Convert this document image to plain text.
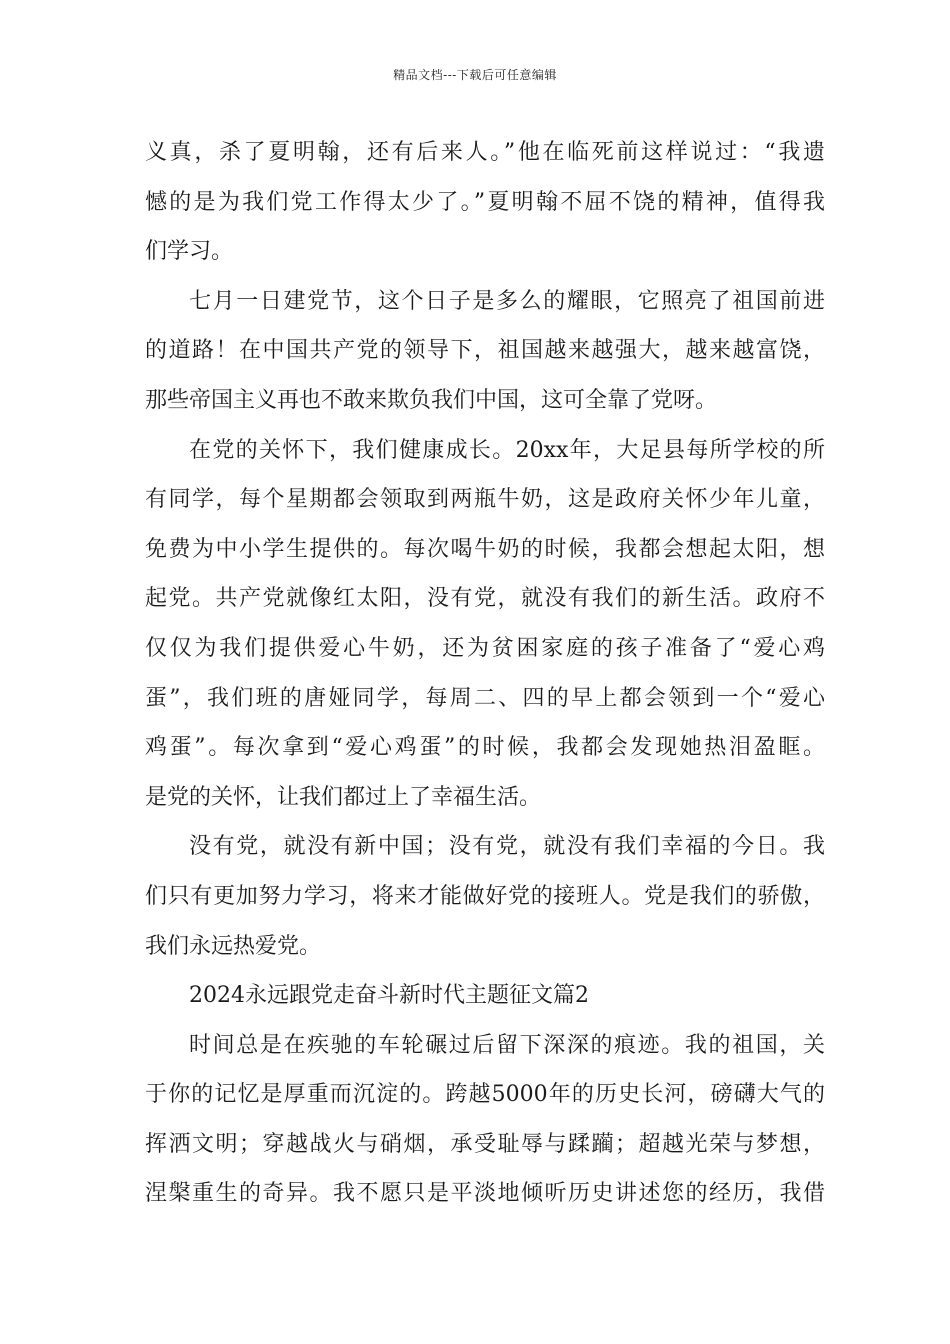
精品文档---下载后可任意编辑
义真，杀了夏明翰，还有后来人。”他在临死前这样说过：“我遗
憾的是为我们党工作得太少了。”夏明翰不屈不饶的精神，值得我
们学习。
七月一日建党节，这个日子是多么的耀眼，它照亮了祖国前进
的道路！在中国共产党的领导下，祖国越来越强大，越来越富饶，
那些帝国主义再也不敢来欺负我们中国，这可全靠了党呀。
在党的关怀下，我们健康成长。20xx年，大足县每所学校的所
有同学，每个星期都会领取到两瓶牛奶，这是政府关怀少年儿童，
免费为中小学生提供的。每次喝牛奶的时候，我都会想起太阳，想
起党。共产党就像红太阳，没有党，就没有我们的新生活。政府不
仅仅为我们提供爱心牛奶，还为贫困家庭的孩子准备了“爱心鸡
蛋”，我们班的唐娅同学，每周二、四的早上都会领到一个“爱心
鸡蛋”。每次拿到“爱心鸡蛋”的时候，我都会发现她热泪盈眶。
是党的关怀，让我们都过上了幸福生活。
没有党，就没有新中国；没有党，就没有我们幸福的今日。我
们只有更加努力学习，将来才能做好党的接班人。党是我们的骄傲，
我们永远热爱党。
2024永远跟党走奋斗新时代主题征文篇2
时间总是在疾驰的车轮碾过后留下深深的痕迹。我的祖国，关
于你的记忆是厚重而沉淀的。跨越5000年的历史长河，磅礴大气的
挥洒文明；穿越战火与硝烟，承受耻辱与蹂躏；超越光荣与梦想，
涅槃重生的奇异。我不愿只是平淡地倾听历史讲述您的经历，我借
